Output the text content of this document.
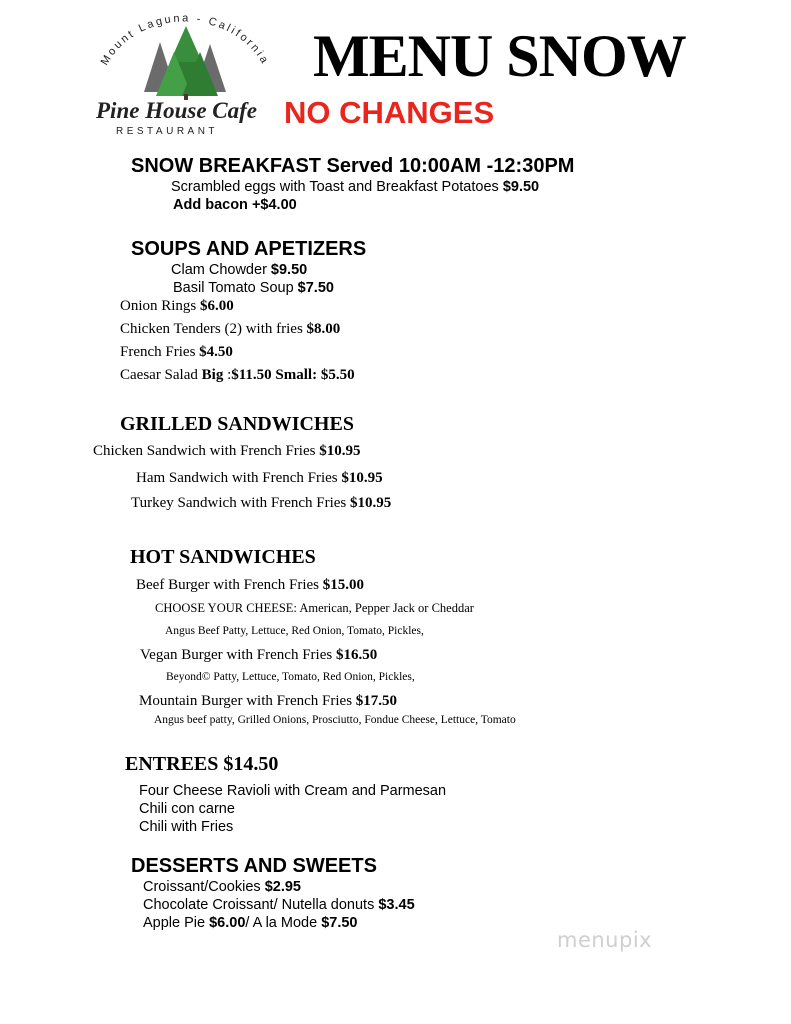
Mount Laguna - California
Pine House Cafe
RESTAURANT
MENU SNOW
NO CHANGES
SNOW BREAKFAST Served 10:00AM -12:30PM
Scrambled eggs with Toast and Breakfast Potatoes $9.50
Add bacon +$4.00
SOUPS AND APETIZERS
Clam Chowder $9.50
Basil Tomato Soup $7.50
Onion Rings $6.00
Chicken Tenders (2) with fries $8.00
French Fries $4.50
Caesar Salad Big :$11.50 Small: $5.50
GRILLED SANDWICHES
Chicken Sandwich with French Fries $10.95
Ham Sandwich with French Fries $10.95
Turkey Sandwich with French Fries $10.95
HOT SANDWICHES
Beef Burger with French Fries $15.00
CHOOSE YOUR CHEESE: American, Pepper Jack or Cheddar
Angus Beef Patty, Lettuce, Red Onion, Tomato, Pickles,
Vegan Burger with French Fries $16.50
Beyond© Patty, Lettuce, Tomato, Red Onion, Pickles,
Mountain Burger with French Fries $17.50
Angus beef patty, Grilled Onions, Prosciutto, Fondue Cheese, Lettuce, Tomato
ENTREES $14.50
Four Cheese Ravioli with Cream and Parmesan
Chili con carne
Chili with Fries
DESSERTS AND SWEETS
Croissant/Cookies $2.95
Chocolate Croissant/ Nutella donuts $3.45
Apple Pie $6.00/ A la Mode $7.50
menupix
